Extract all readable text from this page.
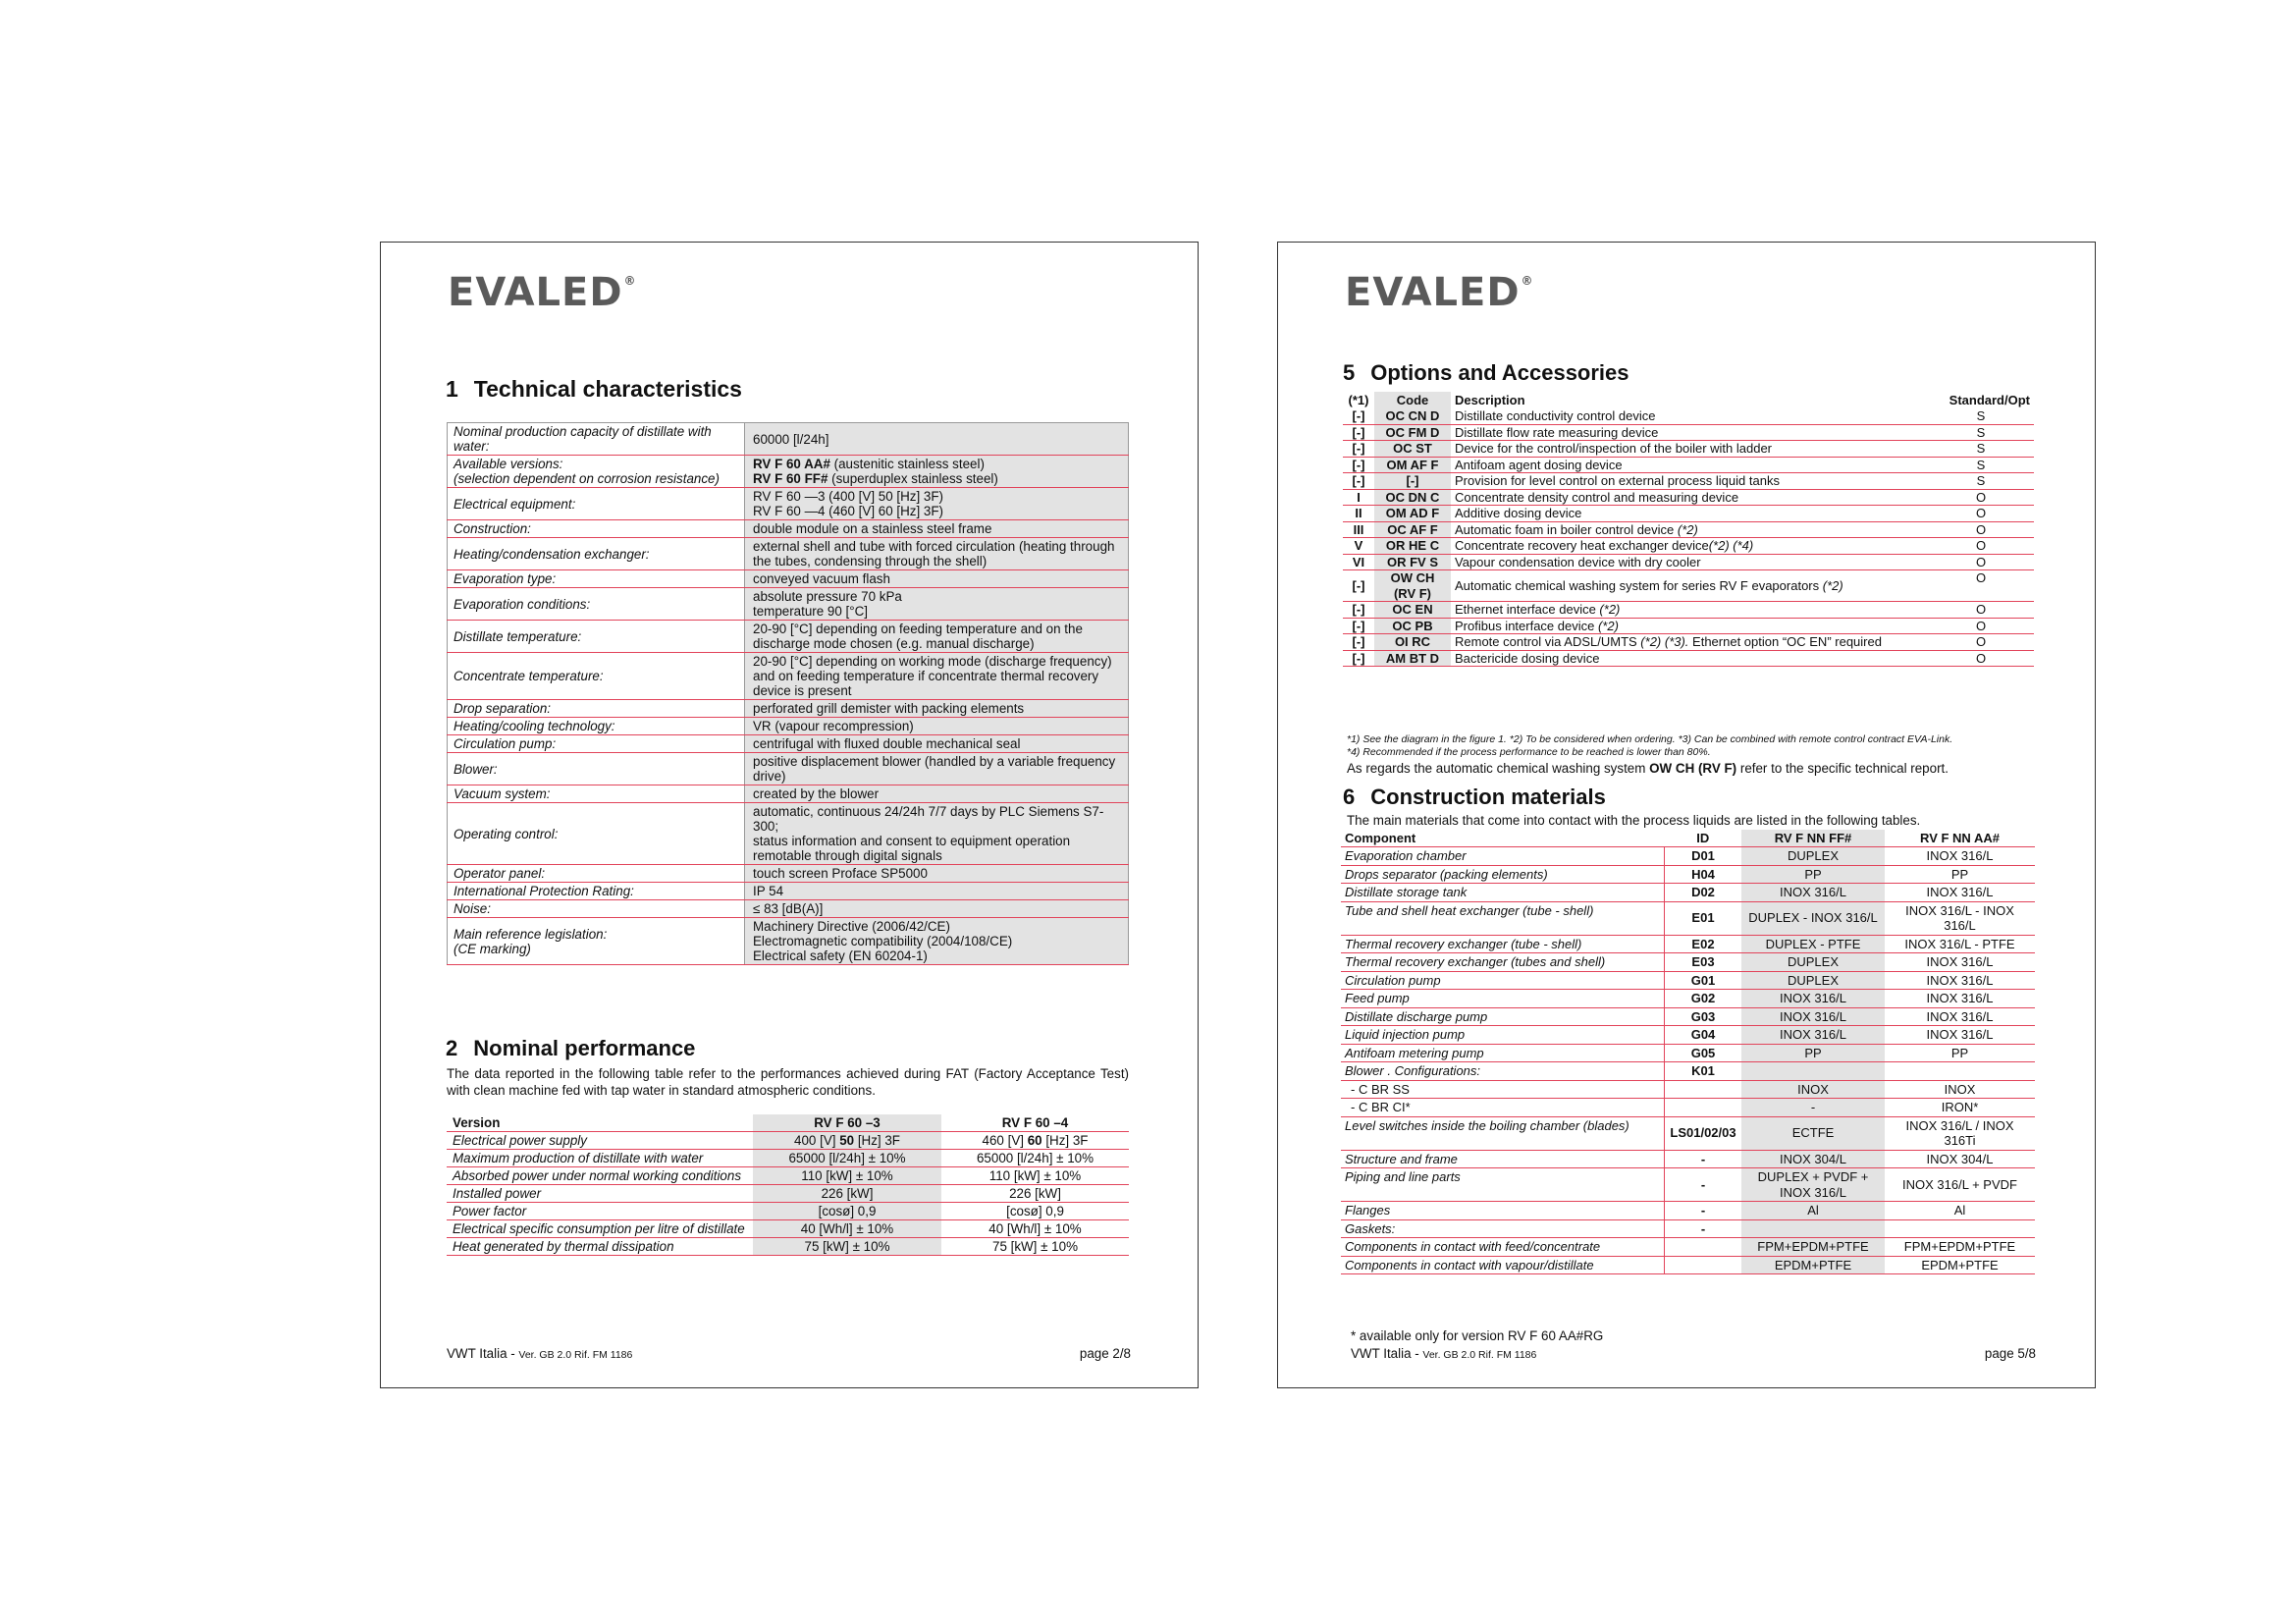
EVALED®
1 Technical characteristics
Nominal production capacity of distillate with water:	60000 [l/24h]
Available versions:
(selection dependent on corrosion resistance)	RV F 60 AA# (austenitic stainless steel)
RV F 60 FF# (superduplex stainless steel)
Electrical equipment:	RV F 60 —3 (400 [V] 50 [Hz] 3F)
RV F 60 —4 (460 [V] 60 [Hz] 3F)
Construction:	double module on a stainless steel frame
Heating/condensation exchanger:	external shell and tube with forced circulation (heating through the tubes, condensing through the shell)
Evaporation type:	conveyed vacuum flash
Evaporation conditions:	absolute pressure 70 kPa
temperature 90 [°C]
Distillate temperature:	20-90 [°C] depending on feeding temperature and on the discharge mode chosen (e.g. manual discharge)
Concentrate temperature:	20-90 [°C] depending on working mode (discharge frequency) and on feeding temperature if concentrate thermal recovery device is present
Drop separation:	perforated grill demister with packing elements
Heating/cooling technology:	VR (vapour recompression)
Circulation pump:	centrifugal with fluxed double mechanical seal
Blower:	positive displacement blower (handled by a variable frequency drive)
Vacuum system:	created by the blower
Operating control:	automatic, continuous 24/24h 7/7 days by PLC Siemens S7-300;
status information and consent to equipment operation remotable through digital signals
Operator panel:	touch screen Proface SP5000
International Protection Rating:	IP 54
Noise:	≤ 83 [dB(A)]
Main reference legislation:
(CE marking)	Machinery Directive (2006/42/CE)
Electromagnetic compatibility (2004/108/CE)
Electrical safety (EN 60204-1)
2 Nominal performance
The data reported in the following table refer to the performances achieved during FAT (Factory Acceptance Test) with clean machine fed with tap water in standard atmospheric conditions.
Version	RV F 60 –3	RV F 60 –4
Electrical power supply	400 [V] 50 [Hz] 3F	460 [V] 60 [Hz] 3F
Maximum production of distillate with water	65000 [l/24h] ± 10%	65000 [l/24h] ± 10%
Absorbed power under normal working conditions	110 [kW] ± 10%	110 [kW] ± 10%
Installed power	226 [kW]	226 [kW]
Power factor	[cosø] 0,9	[cosø] 0,9
Electrical specific consumption per litre of distillate	40 [Wh/l] ± 10%	40 [Wh/l] ± 10%
Heat generated by thermal dissipation	75 [kW] ± 10%	75 [kW] ± 10%
VWT Italia - Ver. GB 2.0 Rif. FM 1186	page 2/8
EVALED®
5 Options and Accessories
(*1)	Code	Description	Standard/Opt
[-]	OC CN D	Distillate conductivity control device	S
[-]	OC FM D	Distillate flow rate measuring device	S
[-]	OC ST	Device for the control/inspection of the boiler with ladder	S
[-]	OM AF F	Antifoam agent dosing device	S
[-]	[-]	Provision for level control on external process liquid tanks	S
I	OC DN C	Concentrate density control and measuring device	O
II	OM AD F	Additive dosing device	O
III	OC AF F	Automatic foam in boiler control device (*2)	O
V	OR HE C	Concentrate recovery heat exchanger device(*2) (*4)	O
VI	OR FV S	Vapour condensation device with dry cooler	O
[-]	OW CH (RV F)	Automatic chemical washing system for series RV F evaporators (*2)	O
[-]	OC EN	Ethernet interface device (*2)	O
[-]	OC PB	Profibus interface device (*2)	O
[-]	OI RC	Remote control via ADSL/UMTS (*2) (*3). Ethernet option “OC EN” required	O
[-]	AM BT D	Bactericide dosing device	O
*1) See the diagram in the figure 1. *2) To be considered when ordering. *3) Can be combined with remote control contract EVA-Link.
*4) Recommended if the process performance to be reached is lower than 80%.
As regards the automatic chemical washing system OW CH (RV F) refer to the specific technical report.
6 Construction materials
The main materials that come into contact with the process liquids are listed in the following tables.
Component	ID	RV F NN FF#	RV F NN AA#
Evaporation chamber	D01	DUPLEX	INOX 316/L
Drops separator (packing elements)	H04	PP	PP
Distillate storage tank	D02	INOX 316/L	INOX 316/L
Tube and shell heat exchanger (tube - shell)	E01	DUPLEX - INOX 316/L	INOX 316/L - INOX 316/L
Thermal recovery exchanger (tube - shell)	E02	DUPLEX - PTFE	INOX 316/L - PTFE
Thermal recovery exchanger (tubes and shell)	E03	DUPLEX	INOX 316/L
Circulation pump	G01	DUPLEX	INOX 316/L
Feed pump	G02	INOX 316/L	INOX 316/L
Distillate discharge pump	G03	INOX 316/L	INOX 316/L
Liquid injection pump	G04	INOX 316/L	INOX 316/L
Antifoam metering pump	G05	PP	PP
Blower . Configurations:	K01		
- C BR SS		INOX	INOX
- C BR CI*		-	IRON*
Level switches inside the boiling chamber (blades)	LS01/02/03	ECTFE	INOX 316/L / INOX 316Ti
Structure and frame	-	INOX 304/L	INOX 304/L
Piping and line parts	-	DUPLEX + PVDF + INOX 316/L	INOX 316/L + PVDF
Flanges	-	Al	Al
Gaskets:	-		
Components in contact with feed/concentrate		FPM+EPDM+PTFE	FPM+EPDM+PTFE
Components in contact with vapour/distillate		EPDM+PTFE	EPDM+PTFE
* available only for version RV F 60 AA#RG
VWT Italia - Ver. GB 2.0 Rif. FM 1186	page 5/8
